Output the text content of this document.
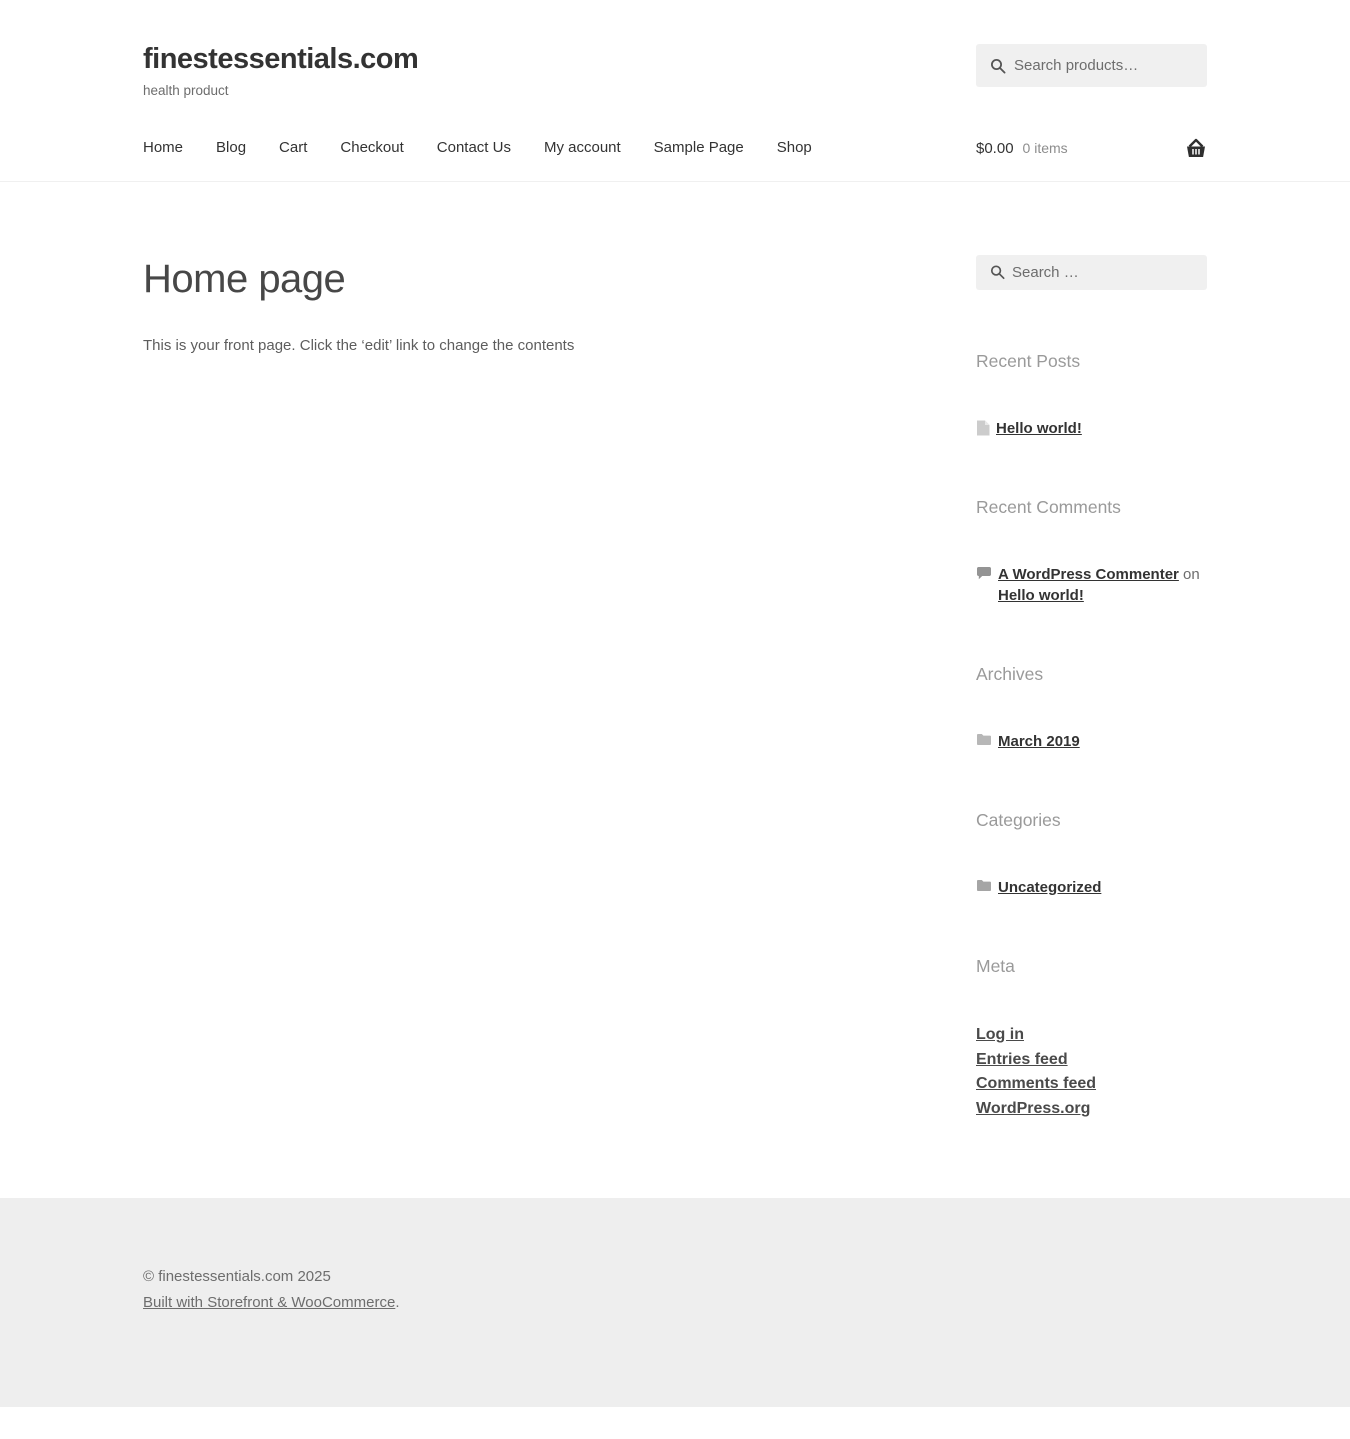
finestessentials.com
health product
Search products…
Home Blog Cart Checkout Contact Us My account Sample Page Shop	$0.00 0 items
Home page

This is your front page. Click the ‘edit’ link to change the contents

Search …
Recent Posts
Hello world!
Recent Comments
A WordPress Commenter on Hello world!
Archives
March 2019
Categories
Uncategorized
Meta
Log in
Entries feed
Comments feed
WordPress.org
© finestessentials.com 2025
Built with Storefront & WooCommerce.
